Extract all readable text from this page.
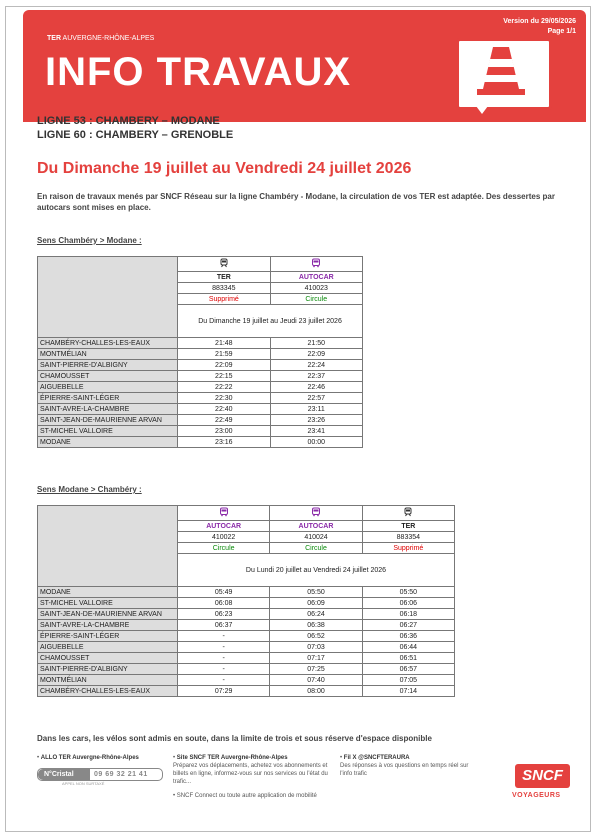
TER AUVERGNE-RHÔNE-ALPES
INFO TRAVAUX
Version du 29/05/2026
Page 1/1
LIGNE 53 : CHAMBERY – MODANE
LIGNE 60 : CHAMBERY – GRENOBLE
Du Dimanche 19 juillet au Vendredi 24 juillet 2026
En raison de travaux menés par SNCF Réseau sur la ligne Chambéry - Modane, la circulation de vos TER est adaptée. Des dessertes par autocars sont mises en place.
Sens Chambéry > Modane :

	TER	AUTOCAR
	883345	410023
	Supprimé	Circule
	Du Dimanche 19 juillet au Jeudi 23 juillet 2026	
CHAMBÉRY-CHALLES-LES-EAUX	21:48	21:50
MONTMÉLIAN	21:59	22:09
SAINT-PIERRE-D'ALBIGNY	22:09	22:24
CHAMOUSSET	22:15	22:37
AIGUEBELLE	22:22	22:46
ÉPIERRE-SAINT-LÉGER	22:30	22:57
SAINT-AVRE-LA-CHAMBRE	22:40	23:11
SAINT-JEAN-DE-MAURIENNE ARVAN	22:49	23:26
ST-MICHEL VALLOIRE	23:00	23:41
MODANE	23:16	00:00
Sens Modane > Chambéry :

	AUTOCAR	AUTOCAR	TER
	410022	410024	883354
	Circule	Circule	Supprimé
	Du Lundi 20 juillet au Vendredi 24 juillet 2026		
MODANE	05:49	05:50	05:50
ST-MICHEL VALLOIRE	06:08	06:09	06:06
SAINT-JEAN-DE-MAURIENNE ARVAN	06:23	06:24	06:18
SAINT-AVRE-LA-CHAMBRE	06:37	06:38	06:27
ÉPIERRE-SAINT-LÉGER	-	06:52	06:36
AIGUEBELLE	-	07:03	06:44
CHAMOUSSET	-	07:17	06:51
SAINT-PIERRE-D'ALBIGNY	-	07:25	06:57
MONTMÉLIAN	-	07:40	07:05
CHAMBÉRY-CHALLES-LES-EAUX	07:29	08:00	07:14
Dans les cars, les vélos sont admis en soute, dans la limite de trois et sous réserve d'espace disponible
• ALLO TER Auvergne-Rhône-Alpes
N°Cristal	09 69 32 21 41
APPEL NON SURTAXÉ
• Site SNCF TER Auvergne-Rhône-Alpes
Préparez vos déplacements, achetez vos abonnements et billets en ligne, informez-vous sur nos services ou l'état du trafic...
• SNCF Connect ou toute autre application de mobilité
• Fil X @SNCFTERAURA
Des réponses à vos questions en temps réel sur l'info trafic	SNCF
VOYAGEURS
